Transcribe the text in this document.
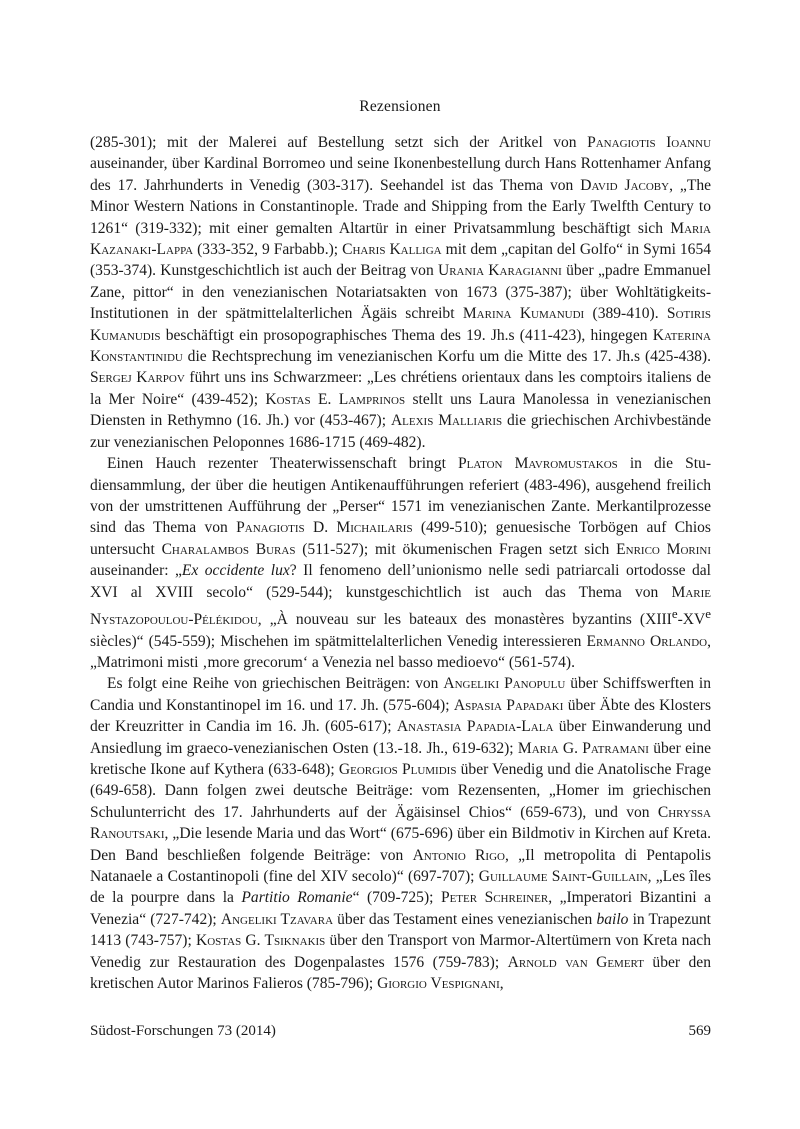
Rezensionen

(285-301); mit der Malerei auf Bestellung setzt sich der Aritkel von Panagiotis Ioannu auseinander, über Kardinal Borromeo und seine Ikonenbestellung durch Hans Rottenhamer Anfang des 17. Jahrhunderts in Venedig (303-317). Seehandel ist das Thema von David Jacoby, „The Minor Western Nations in Constantinople. Trade and Shipping from the Early Twelfth Century to 1261“ (319-332); mit einer gemalten Altartür in einer Privatsammlung beschäftigt sich Maria Kazanaki-Lappa (333-352, 9 Farbabb.); Charis Kalliga mit dem „capitan del Golfo“ in Symi 1654 (353-374). Kunstgeschichtlich ist auch der Beitrag von Urania Karagianni über „padre Emmanuel Zane, pittor“ in den venezianischen Notariatsakten von 1673 (375-387); über Wohltätigkeits-Institutionen in der spätmittelalterlichen Ägäis schreibt Marina Kumanudi (389-410). Sotiris Kumanudis beschäftigt ein prosopographisches Thema des 19. Jh.s (411-423), hingegen Katerina Konstantinidu die Rechtsprechung im venezianischen Korfu um die Mitte des 17. Jh.s (425-438). Sergej Karpov führt uns ins Schwarzmeer: „Les chrétiens orientaux dans les comptoirs italiens de la Mer Noire“ (439-452); Kostas E. Lamprinos stellt uns Laura Manolessa in venezianischen Diensten in Rethymno (16. Jh.) vor (453-467); Alexis Malliaris die griechischen Archivbestände zur venezianischen Peloponnes 1686-1715 (469-482).

Einen Hauch rezenter Theaterwissenschaft bringt Platon Mavromustakos in die Studiensammlung, der über die heutigen Antikenaufführungen referiert (483-496), ausgehend freilich von der umstrittenen Aufführung der „Perser“ 1571 im venezianischen Zante. Merkantilprozesse sind das Thema von Panagiotis D. Michailaris (499-510); genuesische Torbögen auf Chios untersucht Charalambos Buras (511-527); mit ökumenischen Fragen setzt sich Enrico Morini auseinander: „Ex occidente lux? Il fenomeno dell’unionismo nelle sedi patriarcali ortodosse dal XVI al XVIII secolo“ (529-544); kunstgeschichtlich ist auch das Thema von Marie Nystazopoulou-Pélékidou, „À nouveau sur les bateaux des monastères byzantins (XIIIe-XVe siècles)“ (545-559); Mischehen im spätmittelalterlichen Venedig interessieren Ermanno Orlando, „Matrimoni misti ‚more grecorum‘ a Venezia nel basso medioevo“ (561-574).

Es folgt eine Reihe von griechischen Beiträgen: von Angeliki Panopulu über Schiffswerften in Candia und Konstantinopel im 16. und 17. Jh. (575-604); Aspasia Papadaki über Äbte des Klosters der Kreuzritter in Candia im 16. Jh. (605-617); Anastasia Papadia-Lala über Einwanderung und Ansiedlung im graeco-venezianischen Osten (13.-18. Jh., 619-632); Maria G. Patramani über eine kretische Ikone auf Kythera (633-648); Georgios Plumidis über Venedig und die Anatolische Frage (649-658). Dann folgen zwei deutsche Beiträge: vom Rezensenten, „Homer im griechischen Schulunterricht des 17. Jahrhunderts auf der Ägäisinsel Chios“ (659-673), und von Chryssa Ranoutsaki, „Die lesende Maria und das Wort“ (675-696) über ein Bildmotiv in Kirchen auf Kreta. Den Band beschließen folgende Beiträge: von Antonio Rigo, „Il metropolita di Pentapolis Natanaele a Costantinopoli (fine del XIV secolo)“ (697-707); Guillaume Saint-Guillain, „Les îles de la pourpre dans la Partitio Romanie“ (709-725); Peter Schreiner, „Imperatori Bizantini a Venezia“ (727-742); Angeliki Tzavara über das Testament eines venezianischen bailo in Trapezunt 1413 (743-757); Kostas G. Tsiknakis über den Transport von Marmor-Altertümern von Kreta nach Venedig zur Restauration des Dogenpalastes 1576 (759-783); Arnold van Gemert über den kretischen Autor Marinos Falieros (785-796); Giorgio Vespignani,

Südost-Forschungen 73 (2014)	569
